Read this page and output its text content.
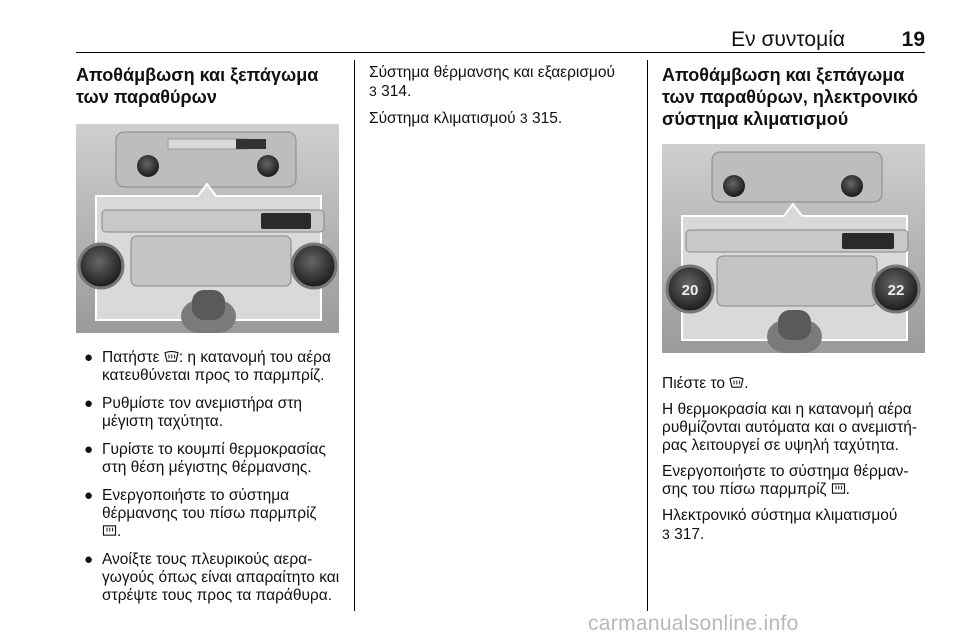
Εν συντομία	19
Αποθάμβωση και ξεπάγωμα των παραθύρων
● Πατήστε : η κατανομή του αέρα κατευθύνεται προς το παρμπρίζ.
● Ρυθμίστε τον ανεμιστήρα στη μέγιστη ταχύτητα.
● Γυρίστε το κουμπί θερμοκρασίας στη θέση μέγιστης θέρμανσης.
● Ενεργοποιήστε το σύστημα θέρμανσης του πίσω παρμπρίζ
.
● Ανοίξτε τους πλευρικούς αεραγωγούς όπως είναι απαραίτητο και στρέψτε τους προς τα παράθυρα.

Σύστημα θέρμανσης και εξαερισμού
3 314.

Σύστημα κλιματισμού 3 315.

Αποθάμβωση και ξεπάγωμα των παραθύρων, ηλεκτρονικό σύστημα κλιματισμού
20	22

Πιέστε το .

Η θερμοκρασία και η κατανομή αέρα ρυθμίζονται αυτόματα και ο ανεμιστήρας λειτουργεί σε υψηλή ταχύτητα.

Ενεργοποιήστε το σύστημα θέρμανσης του πίσω παρμπρίζ .

Ηλεκτρονικό σύστημα κλιματισμού
3 317.

carmanualsonline.info
